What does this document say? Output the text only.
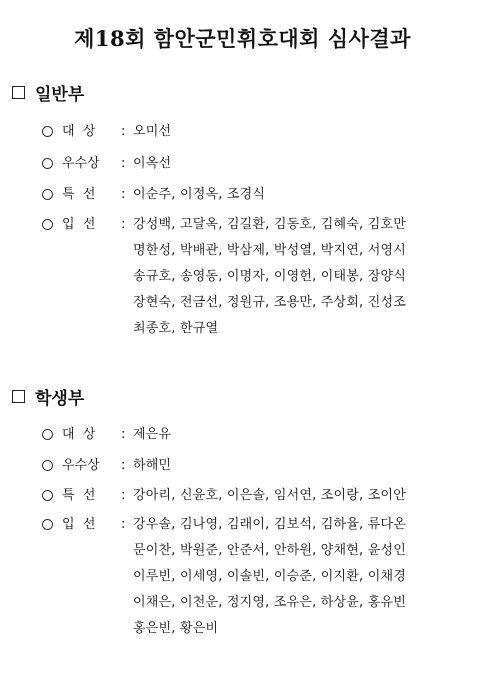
제18회 함안군민휘호대회 심사결과
일반부
대  상	: 오미선
우수상	: 이옥선
특  선	: 이순주, 이정옥, 조경식
입  선	: 강성백, 고달옥, 김길환, 김동호, 김혜숙, 김호만
명한성, 박배관, 박삼제, 박성열, 박지연, 서영시
송규호, 송영동, 이명자, 이영헌, 이태봉, 장양식
장현숙, 전금선, 정원규, 조용만, 주상회, 진성조
최종호, 한규열
학생부
대  상	: 제은유
우수상	: 하해민
특  선	: 강아리, 신윤호, 이은솔, 임서연, 조이랑, 조이안
입  선	: 강우솔, 김나영, 김래이, 김보석, 김하율, 류다온
문이찬, 박원준, 안준서, 안하원, 양채현, 윤성인
이루빈, 이세영, 이솔빈, 이승준, 이지환, 이채경
이채은, 이천운, 정지영, 조유은, 하상윤, 홍유빈
홍은빈, 황은비
